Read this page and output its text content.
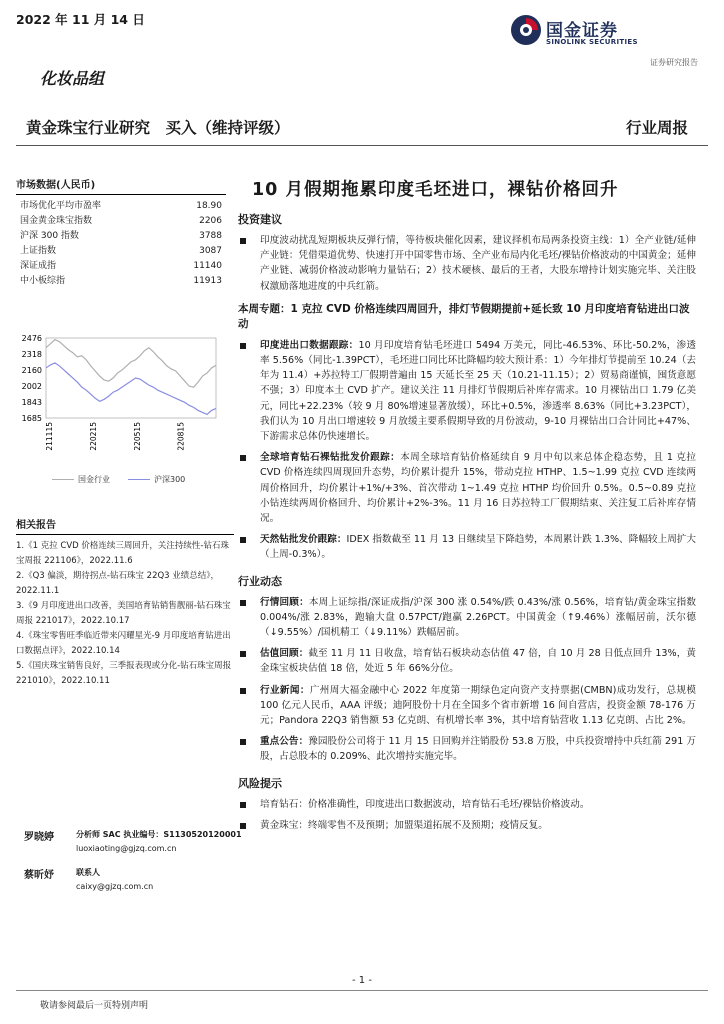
2022 年 11 月 14 日
国金证券
SINOLINK SECURITIES
证券研究报告
化妆品组
黄金珠宝行业研究　买入（维持评级）	行业周报
市场数据(人民币)
市场优化平均市盈率	18.90
国金黄金珠宝指数	2206
沪深 300 指数	3788
上证指数	3087
深证成指	11140
中小板综指	11913
2476
2318
2160
2002
1843
1685
211115	220215	220515	220815
国金行业	沪深300
相关报告
1.《1 克拉 CVD 价格连续三周回升，关注持续性-钻石珠宝周报 221106》，2022.11.6
2.《Q3 偏淡，期待拐点-钻石珠宝 22Q3 业绩总结》，2022.11.1
3.《9 月印度进出口改善，美国培育钻销售靓丽-钻石珠宝周报 221017》，2022.10.17
4.《珠宝零售旺季临近带来闪耀星光-9 月印度培育钻进出口数据点评》，2022.10.14
5.《国庆珠宝销售良好，三季报表现或分化-钻石珠宝周报 221010》，2022.10.11
罗晓婷	分析师 SAC 执业编号：S1130520120001
luoxiaoting@gjzq.com.cn
蔡昕妤	联系人
caixy@gjzq.com.cn
10 月假期拖累印度毛坯进口，裸钻价格回升
投资建议
印度波动扰乱短期板块反弹行情，等待板块催化因素，建议择机布局两条投资主线：1）全产业链/延伸产业链：凭借渠道优势、快速打开中国零售市场、全产业布局内化毛坯/裸钻价格波动的中国黄金；延伸产业链、减弱价格波动影响力量钻石；2）技术硬核、最后的王者，大股东增持计划实施完毕、关注股权激励落地进度的中兵红箭。
本周专题：1 克拉 CVD 价格连续四周回升，排灯节假期提前+延长致 10 月印度培育钻进出口波动
印度进出口数据跟踪：10 月印度培育钻毛坯进口 5494 万美元，同比-46.53%、环比-50.2%，渗透率 5.56%（同比-1.39PCT），毛坯进口同比环比降幅均较大预计系：1）今年排灯节提前至 10.24（去年为 11.4）+苏拉特工厂假期普遍由 15 天延长至 25 天（10.21-11.15）；2）贸易商谨慎，囤货意愿不强；3）印度本土 CVD 扩产。建议关注 11 月排灯节假期后补库存需求。10 月裸钻出口 1.79 亿美元，同比+22.23%（较 9 月 80%增速显著放缓），环比+0.5%，渗透率 8.63%（同比+3.23PCT），我们认为 10 月出口增速较 9 月放缓主要系假期导致的月份波动，9-10 月裸钻出口合计同比+47%、下游需求总体仍快速增长。
全球培育钻石裸钻批发价跟踪：本周全球培育钻价格延续自 9 月中旬以来总体企稳态势，且 1 克拉 CVD 价格连续四周现回升态势，均价累计提升 15%，带动克拉 HTHP、1.5~1.99 克拉 CVD 连续两周价格回升，均价累计+1%/+3%、首次带动 1~1.49 克拉 HTHP 均价回升 0.5%。0.5~0.89 克拉小钻连续两周价格回升、均价累计+2%-3%。11 月 16 日苏拉特工厂假期结束、关注复工后补库存情况。
天然钻批发价跟踪：IDEX 指数截至 11 月 13 日继续呈下降趋势，本周累计跌 1.3%、降幅较上周扩大（上周-0.3%）。
行业动态
行情回顾：本周上证综指/深证成指/沪深 300 涨 0.54%/跌 0.43%/涨 0.56%，培育钻/黄金珠宝指数 0.004%/涨 2.83%，跑输大盘 0.57PCT/跑赢 2.26PCT。中国黄金（↑9.46%）涨幅居前，沃尔德（↓9.55%）/国机精工（↓9.11%）跌幅居前。
估值回顾：截至 11 月 11 日收盘，培育钻石板块动态估值 47 倍，自 10 月 28 日低点回升 13%，黄金珠宝板块估值 18 倍，处近 5 年 66%分位。
行业新闻：广州周大福金融中心 2022 年度第一期绿色定向资产支持票据(CMBN)成功发行，总规模 100 亿元人民币，AAA 评级；迪阿股份十月在全国多个省市新增 16 间自营店，投资金额 78-176 万元；Pandora 22Q3 销售额 53 亿克朗、有机增长率 3%，其中培育钻营收 1.13 亿克朗、占比 2%。
重点公告：豫园股份公司将于 11 月 15 日回购并注销股份 53.8 万股，中兵投资增持中兵红箭 291 万股，占总股本的 0.209%、此次增持实施完毕。
风险提示
培育钻石：价格准确性，印度进出口数据波动，培育钻石毛坯/裸钻价格波动。
黄金珠宝：终端零售不及预期；加盟渠道拓展不及预期；疫情反复。
- 1 -
敬请参阅最后一页特别声明
